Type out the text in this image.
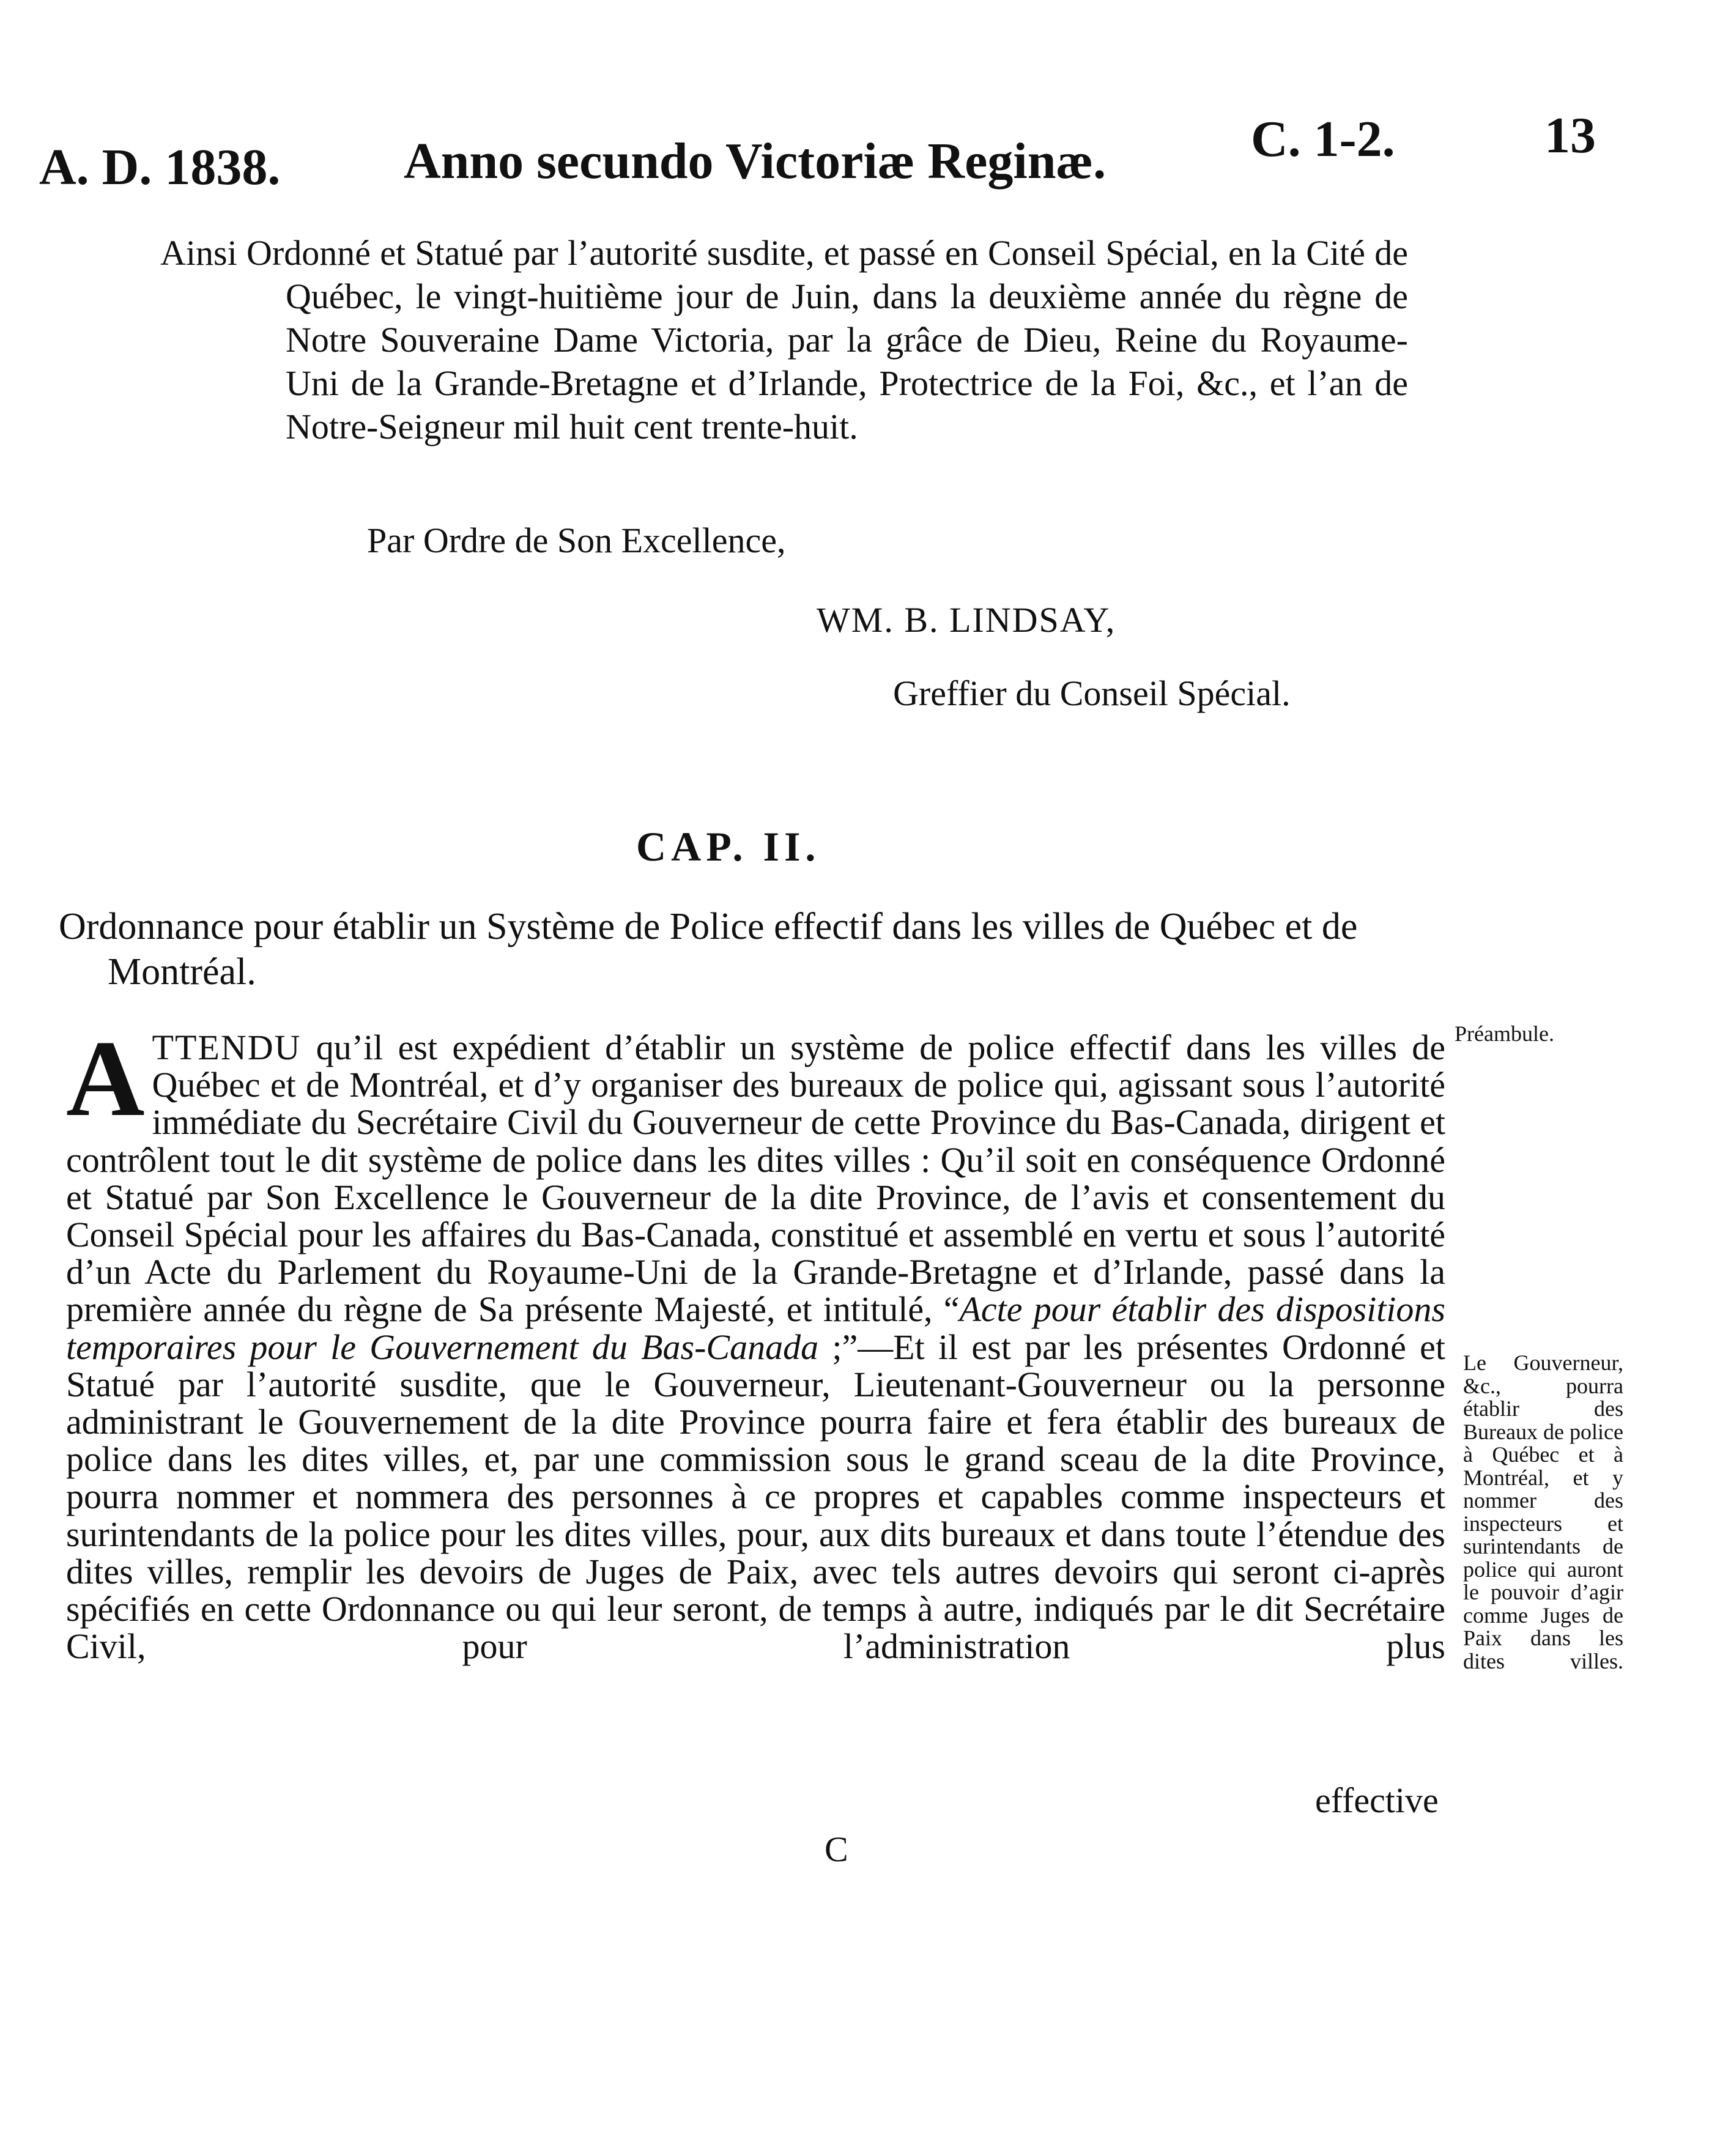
A. D. 1838. Anno secundo Victoriæ Reginæ.	C. 1-2.	13
Ainsi Ordonné et Statué par l’autorité susdite, et passé en Conseil Spécial, en la Cité de Québec, le vingt-huitième jour de Juin, dans la deuxième année du règne de Notre Souveraine Dame Victoria, par la grâce de Dieu, Reine du Royaume-Uni de la Grande-Bretagne et d’Irlande, Protectrice de la Foi, &c., et l’an de Notre-Seigneur mil huit cent trente-huit.
Par Ordre de Son Excellence,
WM. B. LINDSAY,
Greffier du Conseil Spécial.
CAP. II.
Ordonnance pour établir un Système de Police effectif dans les villes de Québec et de Montréal.
ATTENDU qu’il est expédient d’établir un système de police effectif dans les villes de Québec et de Montréal, et d’y organiser des bureaux de police qui, agissant sous l’autorité immédiate du Secrétaire Civil du Gouverneur de cette Province du Bas-Canada, dirigent et contrôlent tout le dit système de police dans les dites villes : Qu’il soit en conséquence Ordonné et Statué par Son Excellence le Gouverneur de la dite Province, de l’avis et consentement du Conseil Spécial pour les affaires du Bas-Canada, constitué et assemblé en vertu et sous l’autorité d’un Acte du Parlement du Royaume-Uni de la Grande-Bretagne et d’Irlande, passé dans la première année du règne de Sa présente Majesté, et intitulé, “Acte pour établir des dispositions temporaires pour le Gouvernement du Bas-Canada ;”—Et il est par les présentes Ordonné et Statué par l’autorité susdite, que le Gouverneur, Lieutenant-Gouverneur ou la personne administrant le Gouvernement de la dite Province pourra faire et fera établir des bureaux de police dans les dites villes, et, par une commission sous le grand sceau de la dite Province, pourra nommer et nommera des personnes à ce propres et capables comme inspecteurs et surintendants de la police pour les dites villes, pour, aux dits bureaux et dans toute l’étendue des dites villes, remplir les devoirs de Juges de Paix, avec tels autres devoirs qui seront ci-après spécifiés en cette Ordonnance ou qui leur seront, de temps à autre, indiqués par le dit Secrétaire Civil, pour l’administration plus
effective
C
Préambule.
Le Gouverneur, &c., pourra établir des Bureaux de police à Québec et à Montréal, et y nommer des inspecteurs et surintendants de police qui auront le pouvoir d’agir comme Juges de Paix dans les dites villes.
